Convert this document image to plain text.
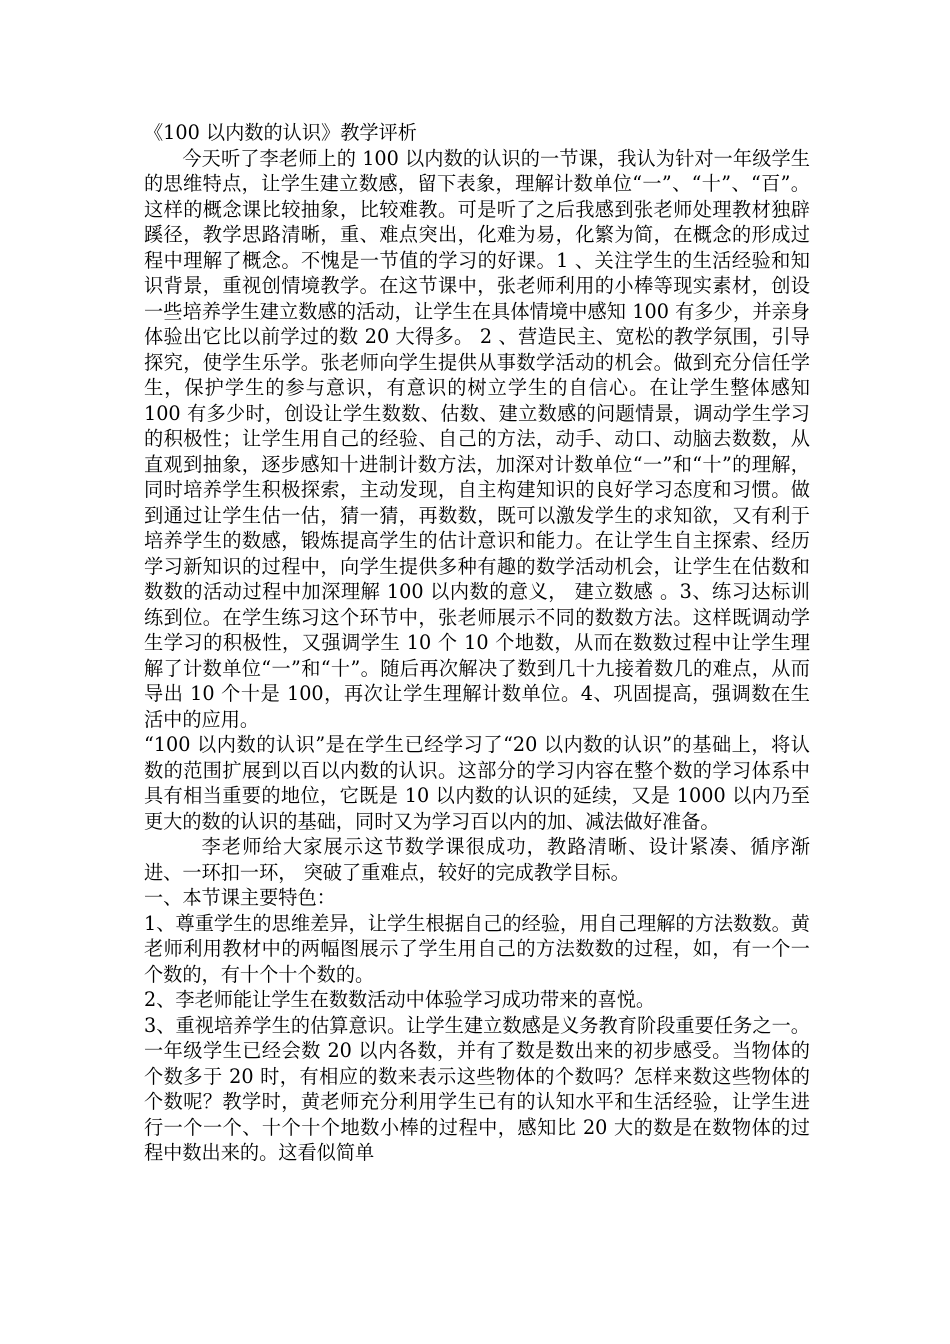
《100 以内数的认识》教学评析

今天听了李老师上的 100 以内数的认识的一节课，我认为针对一年级学生的思维特点，让学生建立数感，留下表象，理解计数单位“一”、“十”、“百”。这样的概念课比较抽象，比较难教。可是听了之后我感到张老师处理教材独辟蹊径，教学思路清晰，重、难点突出，化难为易，化繁为简，在概念的形成过程中理解了概念。不愧是一节值的学习的好课。1 、关注学生的生活经验和知识背景，重视创情境教学。在这节课中，张老师利用的小棒等现实素材，创设一些培养学生建立数感的活动，让学生在具体情境中感知 100 有多少，并亲身体验出它比以前学过的数 20 大得多。 2 、营造民主、宽松的教学氛围，引导探究，使学生乐学。张老师向学生提供从事数学活动的机会。做到充分信任学生，保护学生的参与意识，有意识的树立学生的自信心。在让学生整体感知 100 有多少时，创设让学生数数、估数、建立数感的问题情景，调动学生学习的积极性；让学生用自己的经验、自己的方法，动手、动口、动脑去数数，从直观到抽象，逐步感知十进制计数方法，加深对计数单位“一”和“十”的理解，同时培养学生积极探索，主动发现，自主构建知识的良好学习态度和习惯。做到通过让学生估一估，猜一猜，再数数，既可以激发学生的求知欲，又有利于培养学生的数感，锻炼提高学生的估计意识和能力。在让学生自主探索、经历学习新知识的过程中，向学生提供多种有趣的数学活动机会，让学生在估数和数数的活动过程中加深理解 100 以内数的意义， 建立数感 。3、练习达标训练到位。在学生练习这个环节中，张老师展示不同的数数方法。这样既调动学生学习的积极性，又强调学生 10 个 10 个地数，从而在数数过程中让学生理解了计数单位“一”和“十”。随后再次解决了数到几十九接着数几的难点，从而导出 10 个十是 100，再次让学生理解计数单位。4、巩固提高，强调数在生活中的应用。

“100 以内数的认识”是在学生已经学习了“20 以内数的认识”的基础上，将认数的范围扩展到以百以内数的认识。这部分的学习内容在整个数的学习体系中具有相当重要的地位，它既是 10 以内数的认识的延续，又是 1000 以内乃至更大的数的认识的基础，同时又为学习百以内的加、减法做好准备。

李老师给大家展示这节数学课很成功，教路清晰、设计紧凑、循序渐进、一环扣一环， 突破了重难点，较好的完成教学目标。

一、本节课主要特色：

1、尊重学生的思维差异，让学生根据自己的经验，用自己理解的方法数数。黄老师利用教材中的两幅图展示了学生用自己的方法数数的过程，如，有一个一个数的，有十个十个数的。

2、李老师能让学生在数数活动中体验学习成功带来的喜悦。

3、重视培养学生的估算意识。让学生建立数感是义务教育阶段重要任务之一。一年级学生已经会数 20 以内各数，并有了数是数出来的初步感受。当物体的个数多于 20 时，有相应的数来表示这些物体的个数吗？怎样来数这些物体的个数呢？教学时，黄老师充分利用学生已有的认知水平和生活经验，让学生进行一个一个、十个十个地数小棒的过程中，感知比 20 大的数是在数物体的过程中数出来的。这看似简单
